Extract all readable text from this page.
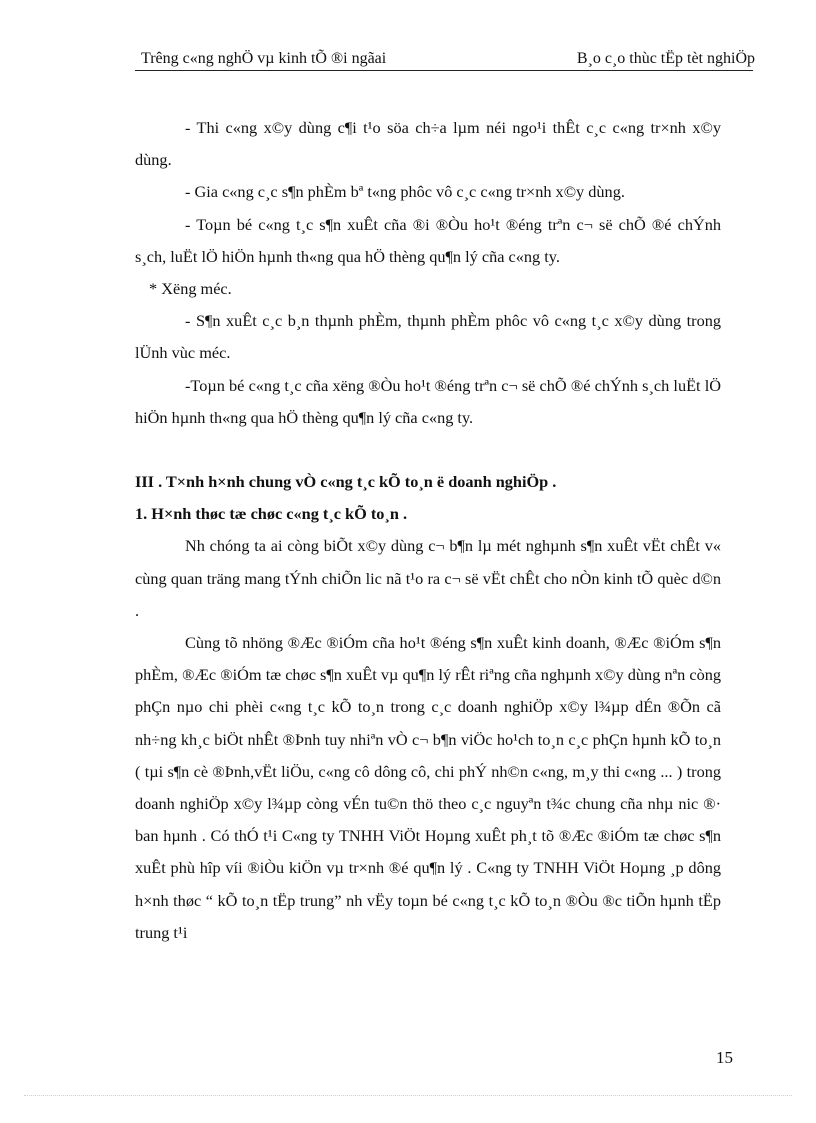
Trêng c«ng nghÖ vµ kinh tÕ ®i ngãai	B¸o c¸o thùc tËp tèt nghiÖp

- Thi c«ng x©y dùng c¶i t¹o söa ch÷a lµm néi ngo¹i thÊt c¸c c«ng tr×nh x©y dùng.

- Gia c«ng c¸c s¶n phÈm bª t«ng phôc vô c¸c c«ng tr×nh x©y dùng.

- Toµn bé c«ng t¸c s¶n xuÊt cña ®i ®Òu ho¹t ®éng trªn c¬ së chÕ ®é chÝnh s¸ch, luËt lÖ hiÖn hµnh th«ng qua hÖ thèng qu¶n lý cña c«ng ty.

* Xëng méc.

- S¶n xuÊt c¸c b¸n thµnh phÈm, thµnh phÈm phôc vô c«ng t¸c x©y dùng trong lÜnh vùc méc.

-Toµn bé c«ng t¸c cña xëng ®Òu ho¹t ®éng trªn c¬ së chÕ ®é chÝnh s¸ch luËt lÖ hiÖn hµnh th«ng qua hÖ thèng qu¶n lý cña c«ng ty.

III . T×nh h×nh chung vÒ c«ng t¸c kÕ to¸n ë doanh nghiÖp .

1. H×nh thøc tæ chøc c«ng t¸c kÕ to¸n .

Nh chóng ta ai còng biÕt x©y dùng c¬ b¶n lµ mét nghµnh s¶n xuÊt vËt chÊt v« cùng quan träng mang tÝnh chiÕn lic nã t¹o ra c¬ së vËt chÊt cho nÒn kinh tÕ quèc d©n .

Cùng tõ nhöng ®Æc ®iÓm cña ho¹t ®éng s¶n xuÊt kinh doanh, ®Æc ®iÓm s¶n phÈm, ®Æc ®iÓm tæ chøc s¶n xuÊt vµ qu¶n lý rÊt riªng cña nghµnh x©y dùng nªn còng phÇn nµo chi phèi c«ng t¸c kÕ to¸n trong c¸c doanh nghiÖp x©y l¾µp dÉn ®Õn cã nh÷ng kh¸c biÖt nhÊt ®Þnh tuy nhiªn vÒ c¬ b¶n viÖc ho¹ch to¸n c¸c phÇn hµnh kÕ to¸n ( tµi s¶n cè ®Þnh,vËt liÖu, c«ng cô dông cô, chi phÝ nh©n c«ng, m¸y thi c«ng ... ) trong doanh nghiÖp x©y l¾µp còng vÉn tu©n thö theo c¸c nguyªn t¾c chung cña nhµ nic ®· ban hµnh . Có thÓ t¹i C«ng ty TNHH ViÖt Hoµng xuÊt ph¸t tõ ®Æc ®iÓm tæ chøc s¶n xuÊt phù hîp víi ®iÒu kiÖn vµ tr×nh ®é qu¶n lý . C«ng ty TNHH ViÖt Hoµng ¸p dông h×nh thøc “ kÕ to¸n tËp trung” nh vËy toµn bé c«ng t¸c kÕ to¸n ®Òu ®c tiÕn hµnh tËp trung t¹i

15
